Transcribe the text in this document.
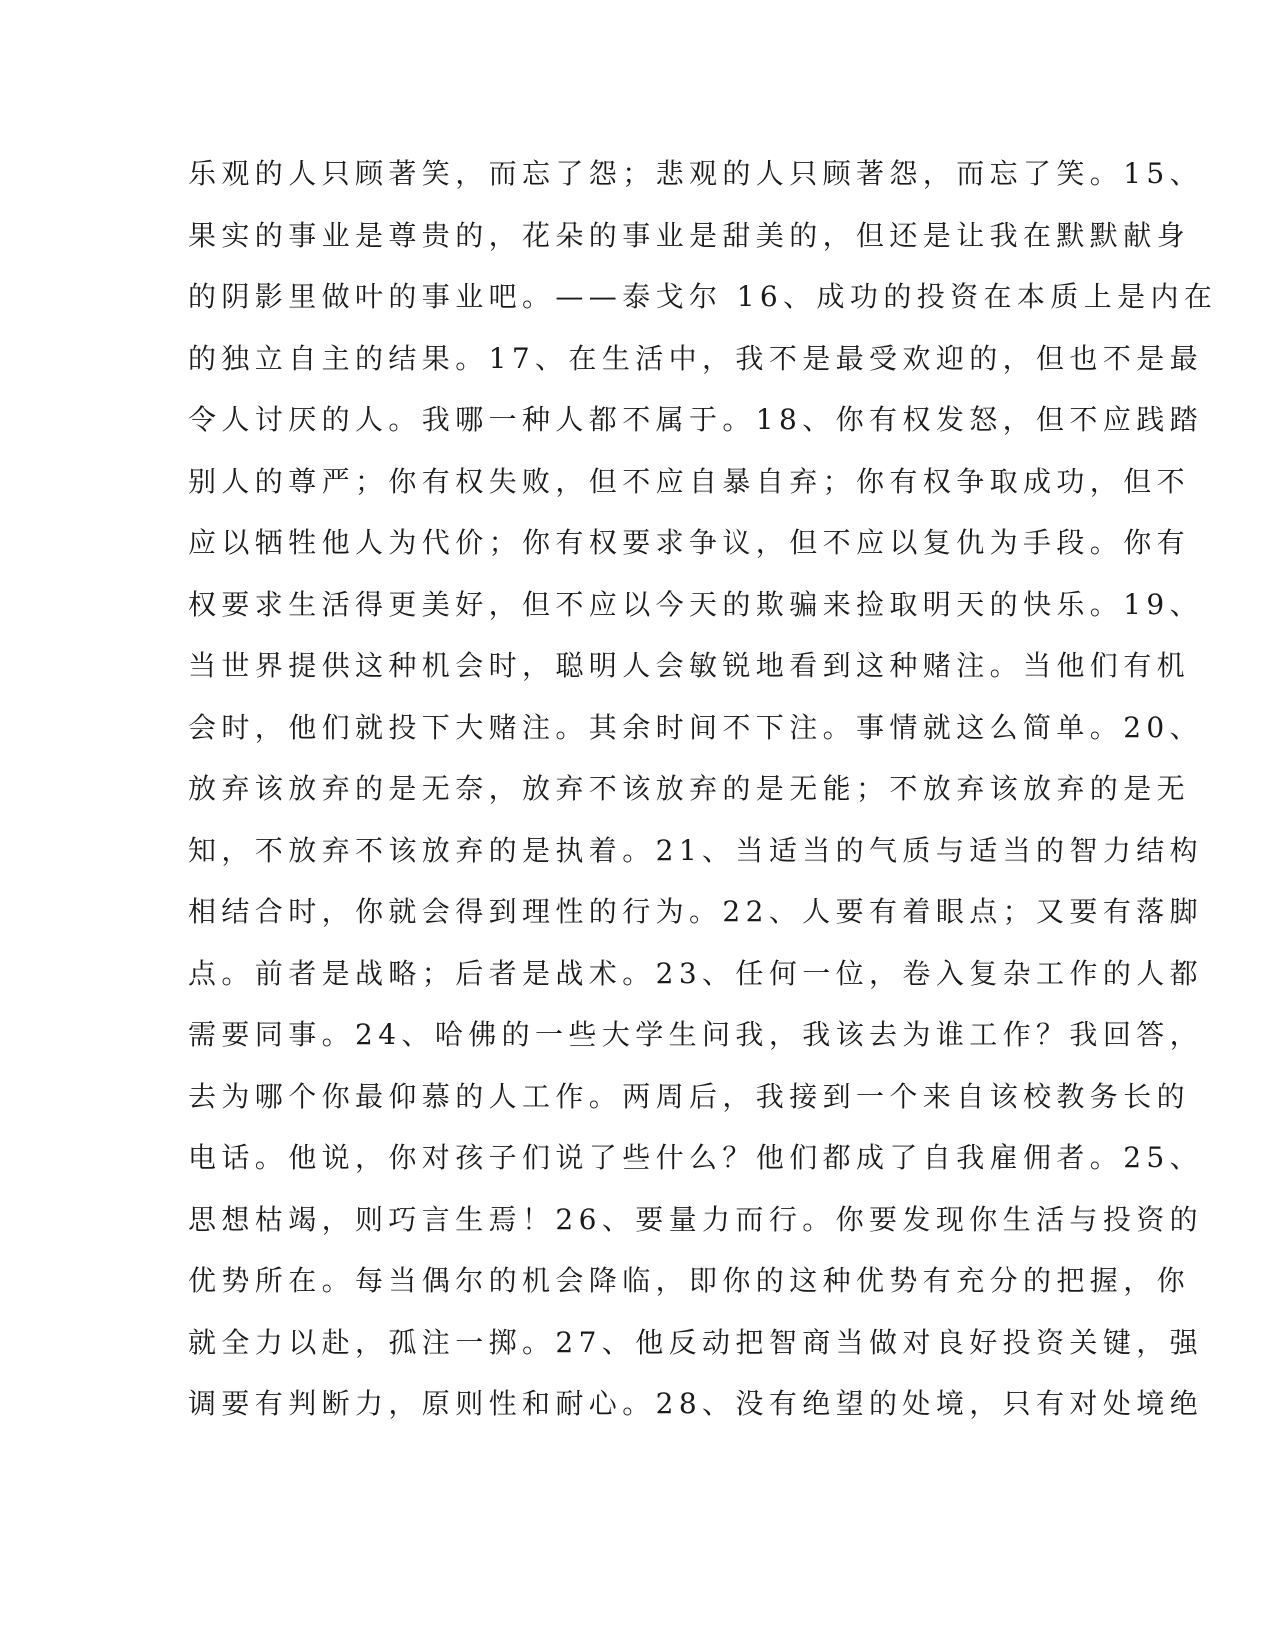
乐观的人只顾著笑，而忘了怨；悲观的人只顾著怨，而忘了笑。15、
果实的事业是尊贵的，花朵的事业是甜美的，但还是让我在默默献身
的阴影里做叶的事业吧。——泰戈尔 16、成功的投资在本质上是内在
的独立自主的结果。17、在生活中，我不是最受欢迎的，但也不是最
令人讨厌的人。我哪一种人都不属于。18、你有权发怒，但不应践踏
别人的尊严；你有权失败，但不应自暴自弃；你有权争取成功，但不
应以牺牲他人为代价；你有权要求争议，但不应以复仇为手段。你有
权要求生活得更美好，但不应以今天的欺骗来捡取明天的快乐。19、
当世界提供这种机会时，聪明人会敏锐地看到这种赌注。当他们有机
会时，他们就投下大赌注。其余时间不下注。事情就这么简单。20、
放弃该放弃的是无奈，放弃不该放弃的是无能；不放弃该放弃的是无
知，不放弃不该放弃的是执着。21、当适当的气质与适当的智力结构
相结合时，你就会得到理性的行为。22、人要有着眼点；又要有落脚
点。前者是战略；后者是战术。23、任何一位，卷入复杂工作的人都
需要同事。24、哈佛的一些大学生问我，我该去为谁工作？我回答，
去为哪个你最仰慕的人工作。两周后，我接到一个来自该校教务长的
电话。他说，你对孩子们说了些什么？他们都成了自我雇佣者。25、
思想枯竭，则巧言生焉！26、要量力而行。你要发现你生活与投资的
优势所在。每当偶尔的机会降临，即你的这种优势有充分的把握，你
就全力以赴，孤注一掷。27、他反动把智商当做对良好投资关键，强
调要有判断力，原则性和耐心。28、没有绝望的处境，只有对处境绝
